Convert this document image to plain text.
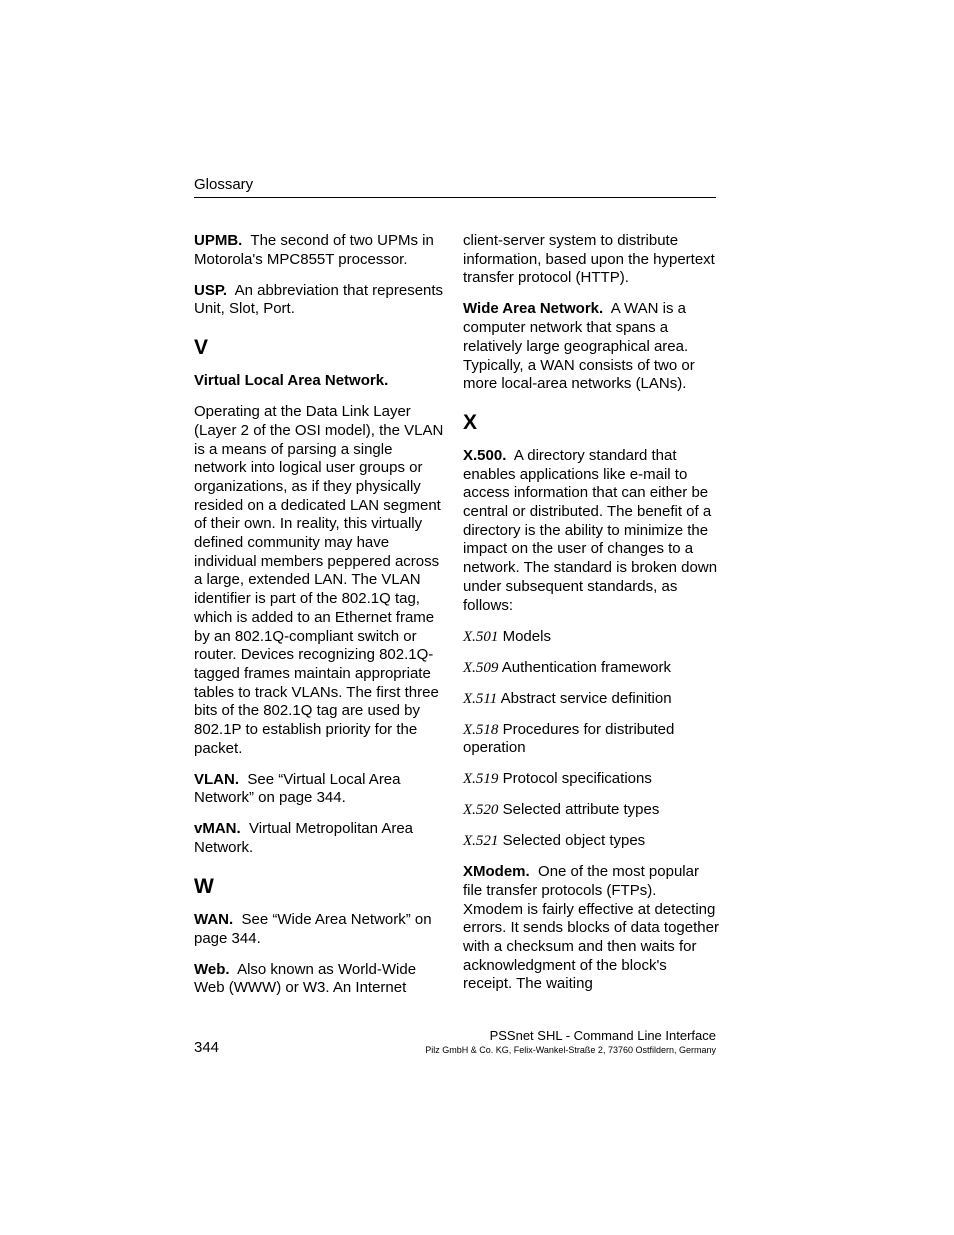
Glossary

UPMB. The second of two UPMs in Motorola's MPC855T processor.

USP. An abbreviation that represents Unit, Slot, Port.

V

Virtual Local Area Network.

Operating at the Data Link Layer (Layer 2 of the OSI model), the VLAN is a means of parsing a single network into logical user groups or organizations, as if they physically resided on a dedicated LAN segment of their own. In reality, this virtually defined community may have individual members peppered across a large, extended LAN. The VLAN identifier is part of the 802.1Q tag, which is added to an Ethernet frame by an 802.1Q-compliant switch or router. Devices recognizing 802.1Q-tagged frames maintain appropriate tables to track VLANs. The first three bits of the 802.1Q tag are used by 802.1P to establish priority for the packet.

VLAN. See “Virtual Local Area Network” on page 344.

vMAN. Virtual Metropolitan Area Network.

W

WAN. See “Wide Area Network” on page 344.

Web. Also known as World-Wide Web (WWW) or W3. An Internet

client-server system to distribute information, based upon the hypertext transfer protocol (HTTP).

Wide Area Network. A WAN is a computer network that spans a relatively large geographical area. Typically, a WAN consists of two or more local-area networks (LANs).

X

X.500. A directory standard that enables applications like e-mail to access information that can either be central or distributed. The benefit of a directory is the ability to minimize the impact on the user of changes to a network. The standard is broken down under subsequent standards, as follows:

X.501 Models

X.509 Authentication framework

X.511 Abstract service definition

X.518 Procedures for distributed operation

X.519 Protocol specifications

X.520 Selected attribute types

X.521 Selected object types

XModem. One of the most popular file transfer protocols (FTPs). Xmodem is fairly effective at detecting errors. It sends blocks of data together with a checksum and then waits for acknowledgment of the block's receipt. The waiting

344
PSSnet SHL - Command Line Interface
Pilz GmbH & Co. KG, Felix-Wankel-Straße 2, 73760 Ostfildern, Germany
